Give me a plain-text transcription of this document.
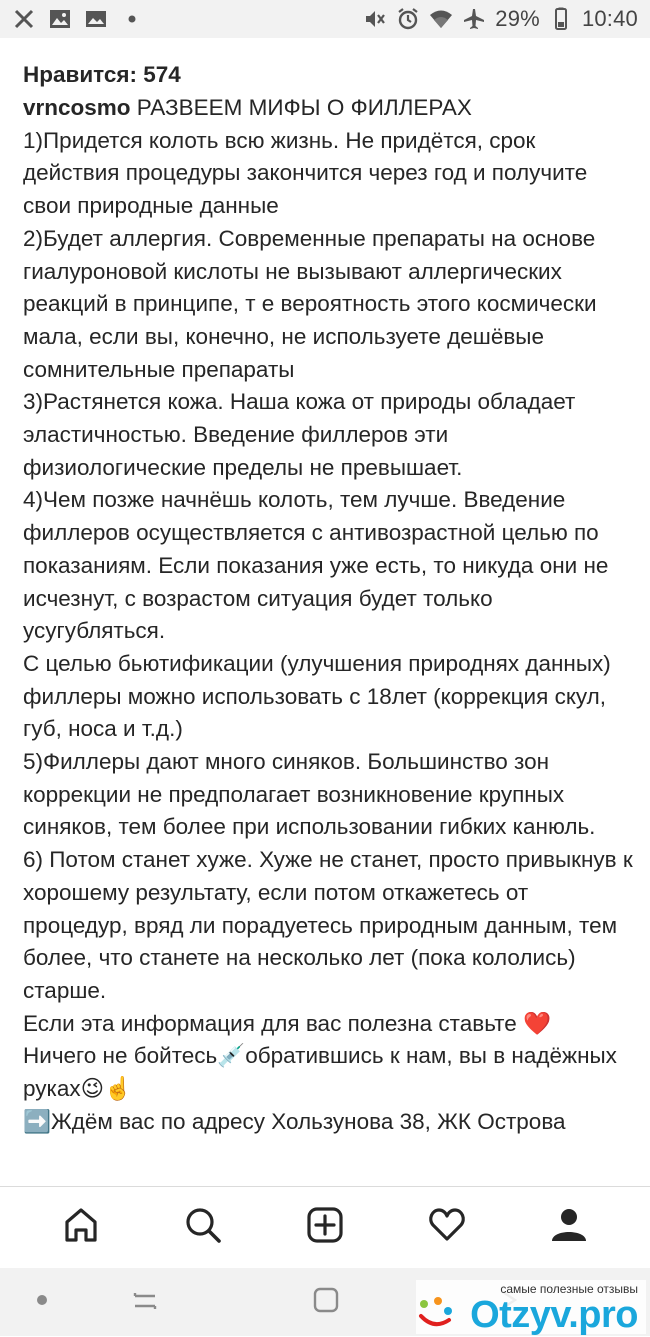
29% 10:40
Нравится: 574
vrncosmo РАЗВЕЕМ МИФЫ О ФИЛЛЕРАХ
1)Придется колоть всю жизнь. Не придётся, срок действия процедуры закончится через год и получите свои природные данные
2)Будет аллергия. Современные препараты на основе гиалуроновой кислоты не вызывают аллергических реакций в принципе, т е вероятность этого космически мала, если вы, конечно, не используете дешёвые сомнительные препараты
3)Растянется кожа. Наша кожа от природы обладает эластичностью. Введение филлеров эти физиологические пределы не превышает.
4)Чем позже начнёшь колоть, тем лучше. Введение филлеров осуществляется с антивозрастной целью по показаниям. Если показания уже есть, то никуда они не исчезнут, с возрастом ситуация будет только усугубляться.
С целью бьютификации (улучшения природнях данных) филлеры можно использовать с 18лет (коррекция скул, губ, носа и т.д.)
5)Филлеры дают много синяков. Большинство зон коррекции не предполагает возникновение крупных синяков, тем более при использовании гибких канюль.
6) Потом станет хуже. Хуже не станет, просто привыкнув к хорошему результату, если потом откажетесь от процедур, вряд ли порадуетесь природным данным, тем более, что станете на несколько лет (пока кололись) старше.
Если эта информация для вас полезна ставьте ❤️
Ничего не бойтесь💉обратившись к нам, вы в надёжных руках😉☝️
➡️Ждём вас по адресу Хользунова 38, ЖК Острова
самые полезные отзывы
Otzyv.pro
